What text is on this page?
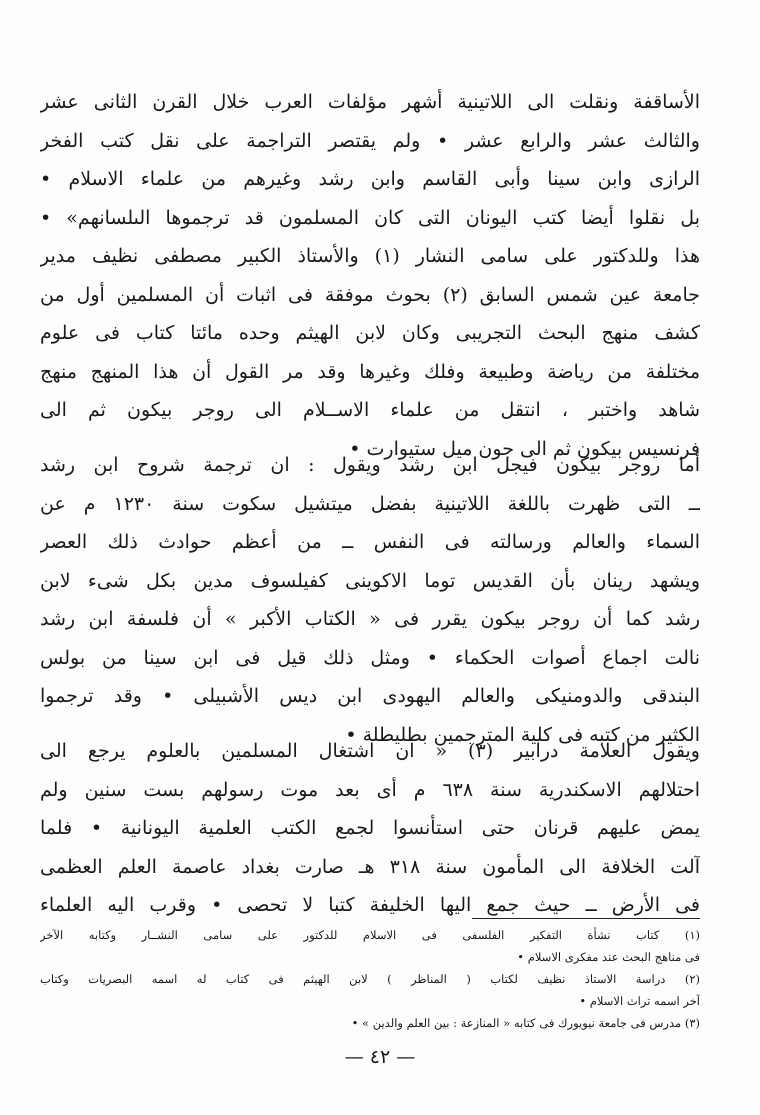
الأساقفة ونقلت الى اللاتينية أشهر مؤلفات العرب خلال القرن الثانى عشر
والثالث عشر والرابع عشر • ولم يقتصر التراجمة على نقل كتب الفخر
الرازى وابن سينا وأبى القاسم وابن رشد وغيرهم من علماء الاسلام •
بل نقلوا أيضا كتب اليونان التى كان المسلمون قد ترجموها الىلسانهم» •
هذا وللدكتور على سامى النشار (١) والأستاذ الكبير مصطفى نظيف مدير
جامعة عين شمس السابق (٢) بحوث موفقة فى اثبات أن المسلمين أول من
كشف منهج البحث التجريبى وكان لابن الهيثم وحده مائتا كتاب فى علوم
مختلفة من رياضة وطبيعة وفلك وغيرها وقد مر القول أن هذا المنهج منهج
شاهد واختبر ، انتقل من علماء الاســلام الى روجر بيكون ثم الى
فرنسيس بيكون ثم الى جون ميل ستيوارت •
أما روجر بيكون فيجل ابن رشد ويقول : ان ترجمة شروح ابن رشد
ــ التى ظهرت باللغة اللاتينية بفضل ميتشيل سكوت سنة ١٢٣٠ م عن
السماء والعالم ورسالته فى النفس ــ من أعظم حوادث ذلك العصر
ويشهد رينان بأن القديس توما الاكوينى كفيلسوف مدين بكل شىء لابن
رشد كما أن روجر بيكون يقرر فى « الكتاب الأكبر » أن فلسفة ابن رشد
نالت اجماع أصوات الحكماء • ومثل ذلك قيل فى ابن سينا من بولس
البندقى والدومنيكى والعالم اليهودى ابن ديس الأشبيلى • وقد ترجموا
الكثير من كتبه فى كلية المترجمين بطليطلة •
ويقول العلامة درابير (٣) « ان اشتغال المسلمين بالعلوم يرجع الى
احتلالهم الاسكندرية سنة ٦٣٨ م أى بعد موت رسولهم بست سنين ولم
يمض عليهم قرنان حتى استأنسوا لجمع الكتب العلمية اليونانية • فلما
آلت الخلافة الى المأمون سنة ٣١٨ هـ صارت بغداد عاصمة العلم العظمى
فى الأرض ــ حيث جمع اليها الخليفة كتبا لا تحصى • وقرب اليه العلماء
(١) كتاب نشأة التفكير الفلسفى فى الاسلام للدكتور على سامى النشــار وكتابه الآخر
فى مناهج البحث عند مفكرى الاسلام •
(٢) دراسة الاستاذ نظيف لكتاب ( المناظر ) لابن الهيثم فى كتاب له اسمه البصريات وكتاب
آخر اسمه تراث الاسلام •
(٣) مدرس فى جامعة نيويورك فى كتابه « المنازعة : بين العلم والدين » •
— ٤٢ —
